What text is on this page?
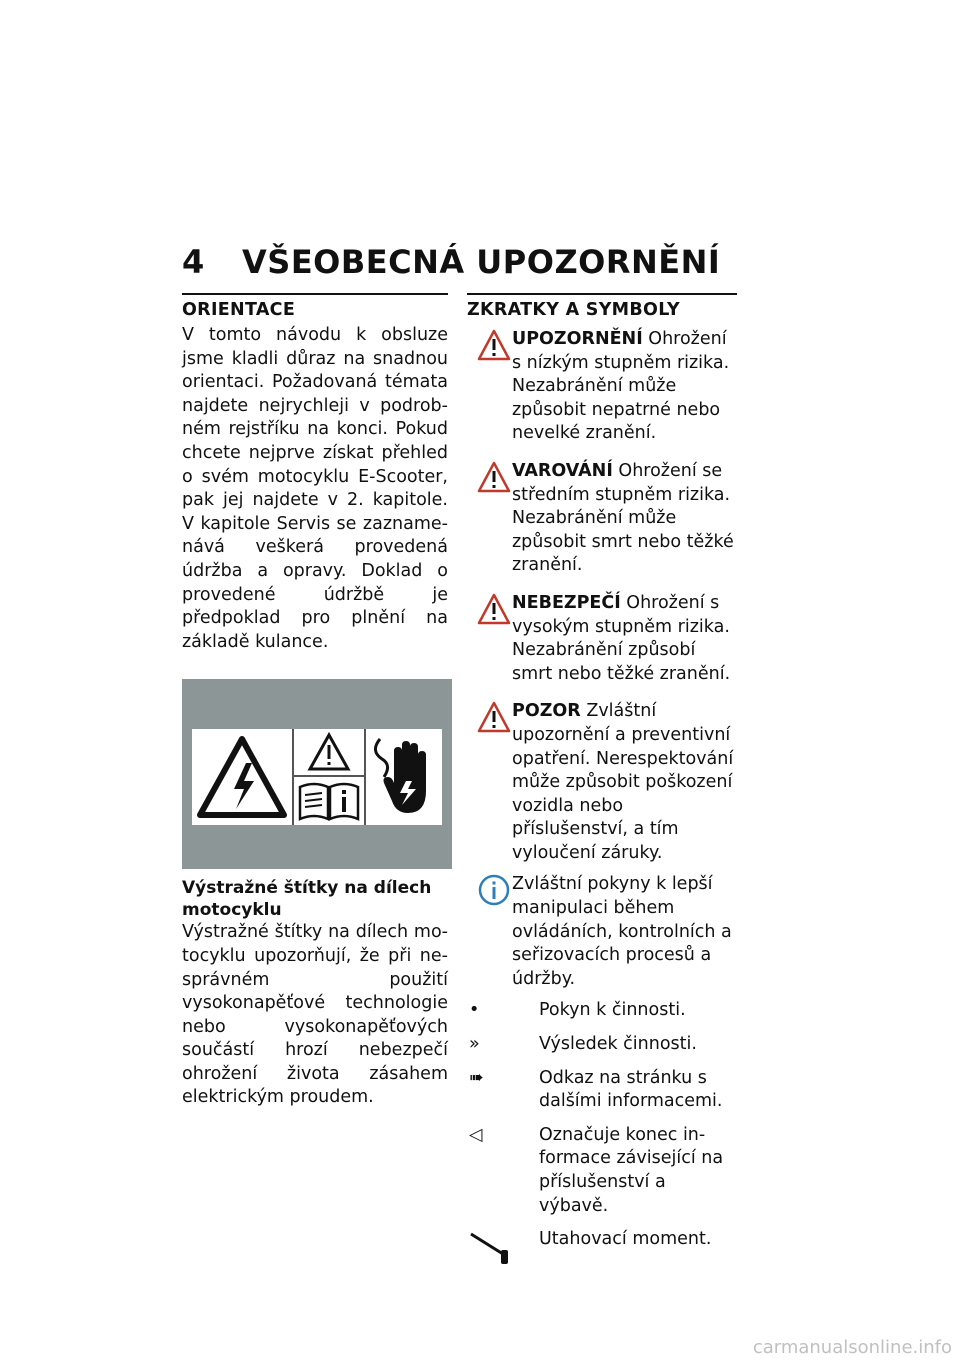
4 VŠEOBECNÁ UPOZORNĚNÍ
ORIENTACE
V tomto návodu k obsluze jsme kladli důraz na snadnou orientaci. Požadovaná témata najdete nejrychleji v podrobném rejstříku na konci. Pokud chcete nejprve získat přehled o svém motocyklu E-Scooter, pak jej najdete v 2. kapitole. V kapitole Servis se zaznamenává veškerá provedená údržba a opravy. Doklad o provedené údržbě je předpoklad pro plnění na základě kulance.
Výstražné štítky na dílech motocyklu
Výstražné štítky na dílech motocyklu upozorňují, že při nesprávném použití vysokonapěťové technologie nebo vysokonapěťových součástí hrozí nebezpečí ohrožení života zásahem elektrickým proudem.
ZKRATKY A SYMBOLY
UPOZORNĚNÍ Ohrožení s nízkým stupněm rizika. Nezabránění může způsobit nepatrné nebo nevelké zranění.
VAROVÁNÍ Ohrožení se středním stupněm rizika. Nezabránění může způsobit smrt nebo těžké zranění.
NEBEZPEČÍ Ohrožení s vysokým stupněm rizika. Nezabránění způsobí smrt nebo těžké zranění.
POZOR Zvláštní upozornění a preventivní opatření. Nerespektování může způsobit poškození vozidla nebo příslušenství, a tím vyloučení záruky.
Zvláštní pokyny k lepší manipulaci během ovládáních, kontrolních a seřizovacích procesů a údržby.
•	Pokyn k činnosti.
»	Výsledek činnosti.
➠	Odkaz na stránku s dalšími informacemi.
◁	Označuje konec informace závisející na příslušenství a výbavě.
Utahovací moment.
carmanualsonline.info
